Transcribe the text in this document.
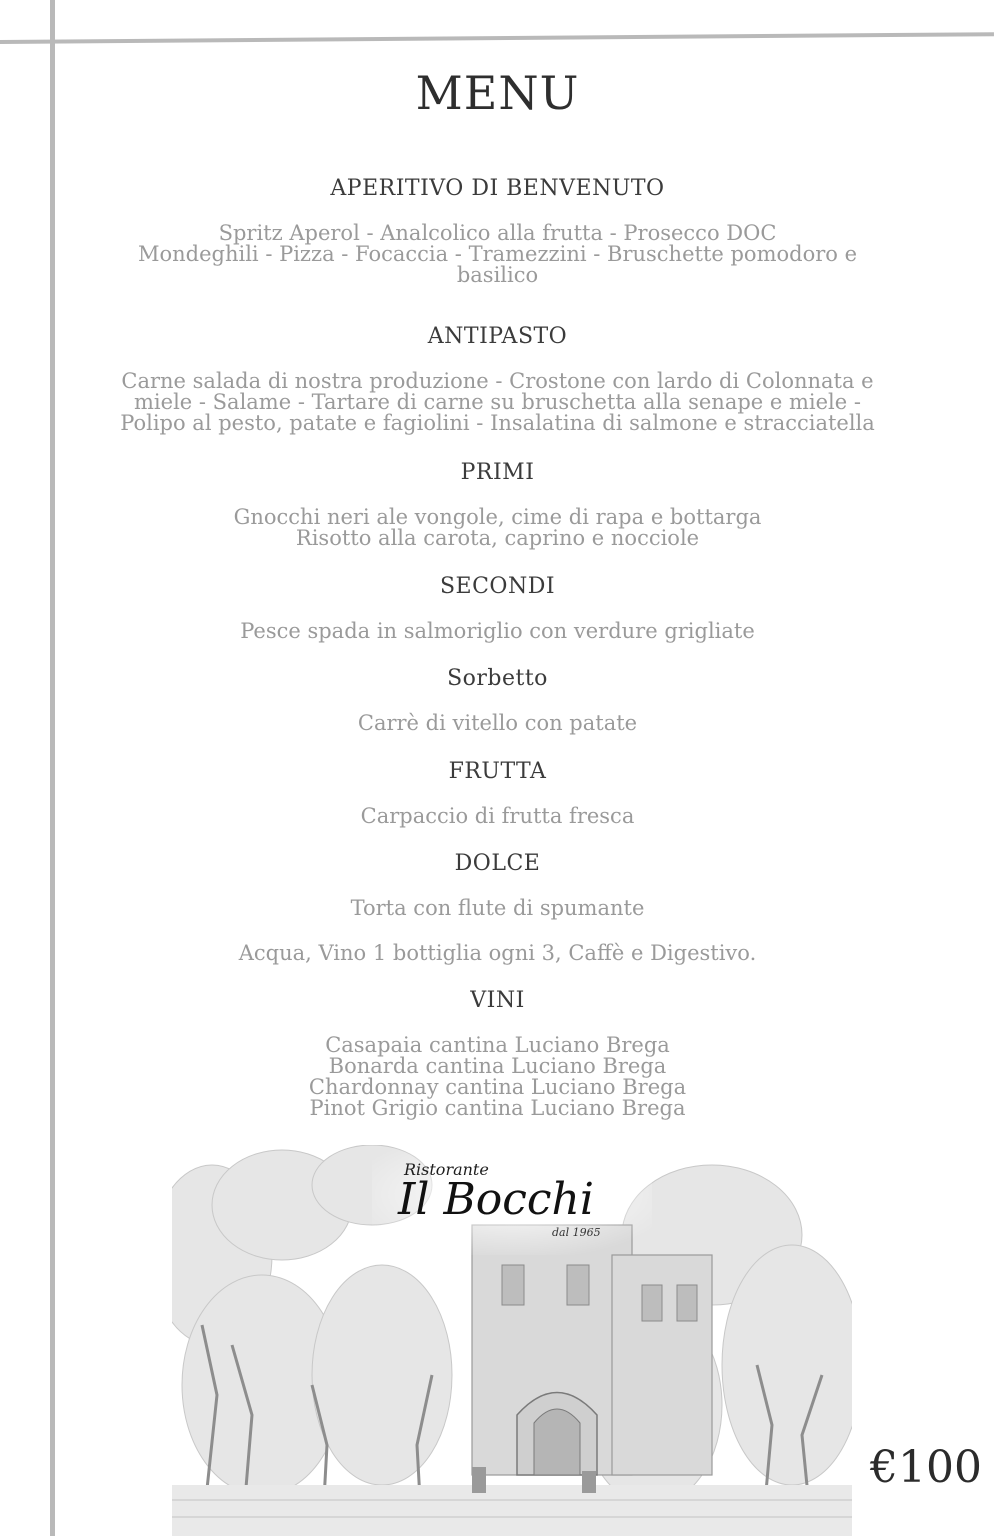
MENU
APERITIVO DI BENVENUTO
Spritz Aperol - Analcolico alla frutta - Prosecco DOC
Mondeghili - Pizza - Focaccia - Tramezzini - Bruschette pomodoro e
basilico
ANTIPASTO
Carne salada di nostra produzione - Crostone con lardo di Colonnata e
miele - Salame - Tartare di carne su bruschetta alla senape e miele -
Polipo al pesto, patate e fagiolini - Insalatina di salmone e stracciatella
PRIMI
Gnocchi neri ale vongole, cime di rapa e bottarga
Risotto alla carota, caprino e nocciole
SECONDI
Pesce spada in salmoriglio con verdure grigliate
Sorbetto
Carrè di vitello con patate
FRUTTA
Carpaccio di frutta fresca
DOLCE
Torta con flute di spumante
Acqua, Vino 1 bottiglia ogni 3, Caffè e Digestivo.
VINI
Casapaia cantina Luciano Brega
Bonarda cantina Luciano Brega
Chardonnay cantina Luciano Brega
Pinot Grigio cantina Luciano Brega
Ristorante
Il Bocchi
dal 1965
€100
